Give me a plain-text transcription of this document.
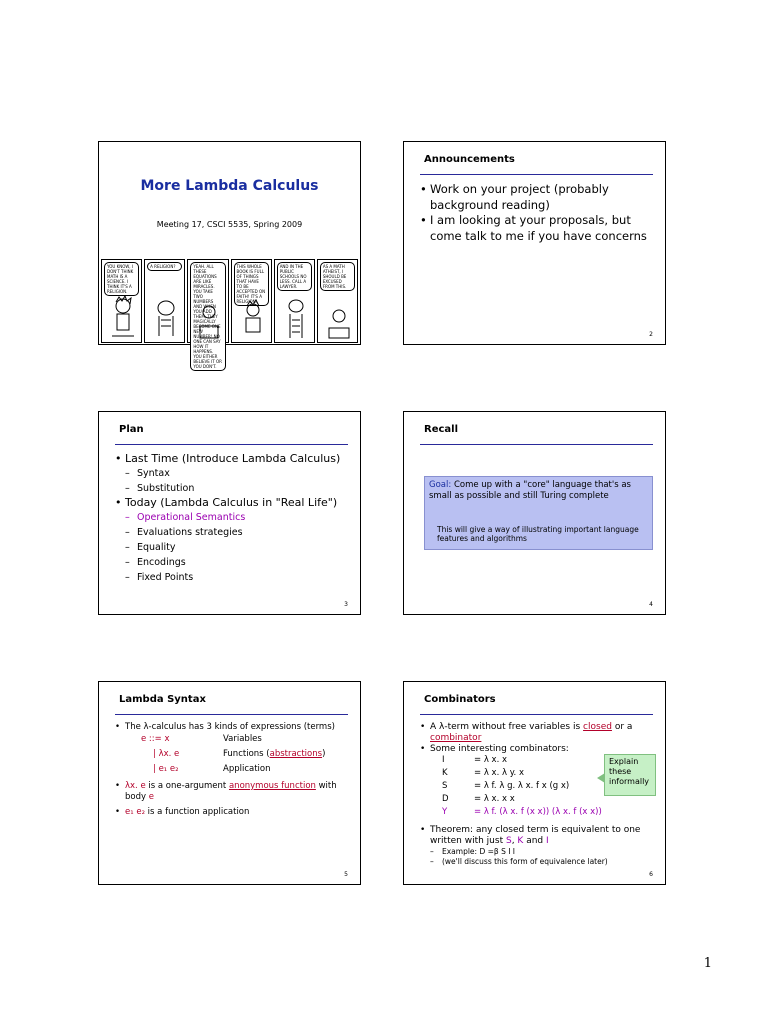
More Lambda Calculus
Meeting 17, CSCI 5535, Spring 2009
YOU KNOW, I DON'T THINK MATH IS A SCIENCE. I THINK IT'S A RELIGION.
A RELIGION?	YEAH. ALL THESE EQUATIONS ARE LIKE MIRACLES. YOU TAKE TWO NUMBERS AND WHEN YOU ADD THEM, THEY MAGICALLY BECOME ONE NEW NUMBER! NO ONE CAN SAY HOW IT HAPPENS. YOU EITHER BELIEVE IT OR YOU DON'T.
THIS WHOLE BOOK IS FULL OF THINGS THAT HAVE TO BE ACCEPTED ON FAITH! IT'S A RELIGION!
AND IN THE PUBLIC SCHOOLS NO LESS. CALL A LAWYER.
AS A MATH ATHEIST, I SHOULD BE EXCUSED FROM THIS.
Announcements
• Work on your project (probably background reading)
• I am looking at your proposals, but come talk to me if you have concerns
2
Plan
• Last Time (Introduce Lambda Calculus)
– Syntax
– Substitution
• Today (Lambda Calculus in "Real Life")
– Operational Semantics
– Evaluations strategies
– Equality
– Encodings
– Fixed Points
3
Recall
Goal: Come up with a "core" language that's as small as possible and still Turing complete
This will give a way of illustrating important language features and algorithms
4
Lambda Syntax
• The λ-calculus has 3 kinds of expressions (terms)
e ::= x	Variables
| λx. e	Functions (abstractions)
| e₁ e₂	Application
• λx. e is a one-argument anonymous function with body e
• e₁ e₂ is a function application
5
Combinators
• A λ-term without free variables is closed or a combinator
• Some interesting combinators:
I	= λ x. x
K	= λ x. λ y. x
S	= λ f. λ g. λ x. f x (g x)
D	= λ x. x x
Y	= λ f. (λ x. f (x x)) (λ x. f (x x))
• Theorem: any closed term is equivalent to one written with just S, K and I
– Example: D =β S I I
– (we'll discuss this form of equivalence later)
Explain these informally
6
1
